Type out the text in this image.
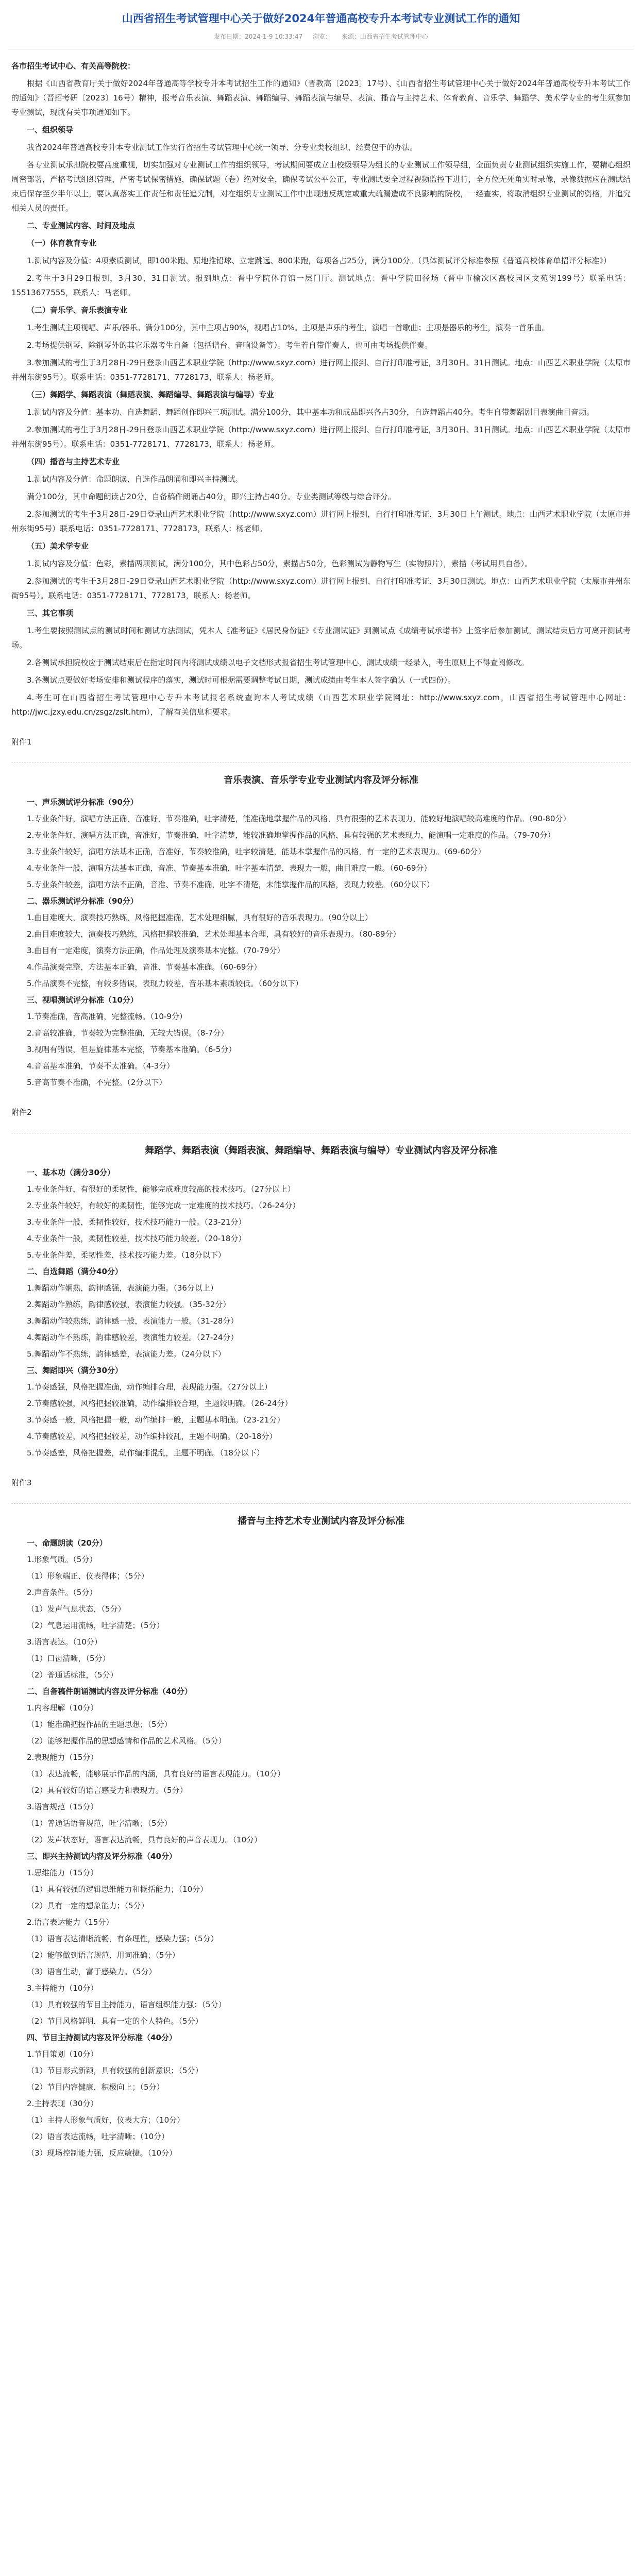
山西省招生考试管理中心关于做好2024年普通高校专升本考试专业测试工作的通知
发布日期：2024-1-9 10:33:47 浏览： 来源：山西省招生考试管理中心

各市招生考试中心、有关高等院校：

根据《山西省教育厅关于做好2024年普通高等学校专升本考试招生工作的通知》（晋教高〔2023〕17号）、《山西省招生考试管理中心关于做好2024年普通高校专升本考试工作的通知》（晋招考研〔2023〕16号）精神，报考音乐表演、舞蹈表演、舞蹈编导、舞蹈表演与编导、表演、播音与主持艺术、体育教育、音乐学、舞蹈学、美术学专业的考生须参加专业测试，现就有关事项通知如下。

一、组织领导

我省2024年普通高校专升本专业测试工作实行省招生考试管理中心统一领导、分专业类校组织、经费包干的办法。

各专业测试承担院校要高度重视，切实加强对专业测试工作的组织领导，考试期间要成立由校级领导为组长的专业测试工作领导组，全面负责专业测试组织实施工作，要精心组织周密部署，严格考试组织管理，严密考试保密措施，确保试题（卷）绝对安全，确保考试公平公正，专业测试要全过程视频监控下进行，全方位无死角实时录像，录像数据应在测试结束后保存至少半年以上，要认真落实工作责任和责任追究制，对在组织专业测试工作中出现违反规定或重大疏漏造成不良影响的院校，一经查实，将取消组织专业测试的资格，并追究相关人员的责任。

二、专业测试内容、时间及地点

（一）体育教育专业

1.测试内容及分值：4项素质测试，即100米跑、原地推铅球、立定跳远、800米跑，每项各占25分，满分100分。（具体测试评分标准参照《普通高校体育单招评分标准》）

2.考生于3月29日报到，3月30、31日测试。报到地点：晋中学院体育馆一层门厅。测试地点：晋中学院田径场（晋中市榆次区高校园区文苑街199号）联系电话：15513677555，联系人：马老师。

（二）音乐学、音乐表演专业

1.考生测试主项视唱、声乐/器乐。满分100分，其中主项占90%，视唱占10%。主项是声乐的考生，演唱一首歌曲；主项是器乐的考生，演奏一首乐曲。

2.考场提供钢琴，除钢琴外的其它乐器考生自备（包括谱台、音响设备等）。考生若自带伴奏人，也可由考场提供伴奏。

3.参加测试的考生于3月28日-29日登录山西艺术职业学院（http://www.sxyz.com）进行网上报到、自行打印准考证，3月30日、31日测试。地点：山西艺术职业学院（太原市并州东街95号）。联系电话：0351-7728171、7728173，联系人：杨老师。

（三）舞蹈学、舞蹈表演（舞蹈表演、舞蹈编导、舞蹈表演与编导）专业

1.测试内容及分值：基本功、自选舞蹈、舞蹈创作即兴三项测试。满分100分，其中基本功和成品即兴各占30分，自选舞蹈占40分。考生自带舞蹈剧目表演曲目音频。

2.参加测试的考生于3月28日-29日登录山西艺术职业学院（http://www.sxyz.com）进行网上报到、自行打印准考证，3月30日、31日测试。地点：山西艺术职业学院（太原市并州东街95号）。联系电话：0351-7728171、7728173，联系人：杨老师。

（四）播音与主持艺术专业

1.测试内容及分值：命题朗读、自选作品朗诵和即兴主持测试。

满分100分，其中命题朗读占20分，自备稿件朗诵占40分，即兴主持占40分。专业类测试等级与综合评分。

2.参加测试的考生于3月28日-29日登录山西艺术职业学院（http://www.sxyz.com）进行网上报到，自行打印准考证，3月30日上午测试。地点：山西艺术职业学院（太原市并州东街95号）联系电话：0351-7728171、7728173，联系人：杨老师。

（五）美术学专业

1.测试内容及分值：色彩，素描两项测试，满分100分，其中色彩占50分，素描占50分，色彩测试为静物写生（实物照片），素描（考试用具自备）。

2.参加测试的考生于3月28日-29日登录山西艺术职业学院（http://www.sxyz.com）进行网上报到、自行打印准考证，3月30日测试。地点：山西艺术职业学院（太原市并州东街95号）。联系电话：0351-7728171、7728173，联系人：杨老师。

三、其它事项

1.考生要按照测试点的测试时间和测试方法测试，凭本人《准考证》《居民身份证》《专业测试证》到测试点《成绩考试承诺书》上签字后参加测试，测试结束后方可离开测试考场。

2.各测试承担院校应于测试结束后在指定时间内将测试成绩以电子文档形式报省招生考试管理中心，测试成绩一经录入，考生原则上不得查阅修改。

3.各测试点要做好考场安排和测试程序的落实，测试时可根据需要调整考试日期，测试成绩由考生本人签字确认（一式四份）。

4.考生可在山西省招生考试管理中心专升本考试报名系统查询本人考试成绩（山西艺术职业学院网址：http://www.sxyz.com，山西省招生考试管理中心网址：http://jwc.jzxy.edu.cn/zsgz/zslt.htm），了解有关信息和要求。

附件1

音乐表演、音乐学专业专业测试内容及评分标准

一、声乐测试评分标准（90分）

1.专业条件好，演唱方法正确，音准好，节奏准确，吐字清楚，能准确地掌握作品的风格，具有很强的艺术表现力，能较好地演唱较高难度的作品。（90-80分）

2.专业条件好，演唱方法正确，音准好，节奏准确，吐字清楚，能较准确地掌握作品的风格，具有较强的艺术表现力，能演唱一定难度的作品。（79-70分）

3.专业条件较好，演唱方法基本正确，音准好，节奏较准确，吐字较清楚，能基本掌握作品的风格，有一定的艺术表现力。（69-60分）

4.专业条件一般，演唱方法基本正确，音准、节奏基本准确，吐字基本清楚，表现力一般，曲目难度一般。（60-69分）

5.专业条件较差，演唱方法不正确，音准、节奏不准确，吐字不清楚，未能掌握作品的风格，表现力较差。（60分以下）

二、器乐测试评分标准（90分）

1.曲目难度大，演奏技巧熟练，风格把握准确，艺术处理细腻，具有很好的音乐表现力。（90分以上）

2.曲目难度较大，演奏技巧熟练，风格把握较准确，艺术处理基本合理，具有较好的音乐表现力。（80-89分）

3.曲目有一定难度，演奏方法正确，作品处理及演奏基本完整。（70-79分）

4.作品演奏完整，方法基本正确，音准、节奏基本准确。（60-69分）

5.作品演奏不完整，有较多错误，表现力较差，音乐基本素质较低。（60分以下）

三、视唱测试评分标准（10分）

1.节奏准确，音高准确，完整流畅。（10-9分）

2.音高较准确，节奏较为完整准确，无较大错误。（8-7分）

3.视唱有错误，但是旋律基本完整，节奏基本准确。（6-5分）

4.音高基本准确，节奏不太准确。（4-3分）

5.音高节奏不准确，不完整。（2分以下）

附件2

舞蹈学、舞蹈表演（舞蹈表演、舞蹈编导、舞蹈表演与编导）专业测试内容及评分标准

一、基本功（满分30分）

1.专业条件好，有很好的柔韧性，能够完成难度较高的技术技巧。（27分以上）

2.专业条件较好，有较好的柔韧性，能够完成一定难度的技术技巧。（26-24分）

3.专业条件一般，柔韧性较好，技术技巧能力一般。（23-21分）

4.专业条件一般，柔韧性较差，技术技巧能力较差。（20-18分）

5.专业条件差，柔韧性差，技术技巧能力差。（18分以下）

二、自选舞蹈（满分40分）

1.舞蹈动作娴熟，韵律感强，表演能力强。（36分以上）

2.舞蹈动作熟练，韵律感较强，表演能力较强。（35-32分）

3.舞蹈动作较熟练，韵律感一般，表演能力一般。（31-28分）

4.舞蹈动作不熟练，韵律感较差，表演能力较差。（27-24分）

5.舞蹈动作不熟练，韵律感差，表演能力差。（24分以下）

三、舞蹈即兴（满分30分）

1.节奏感强，风格把握准确，动作编排合理，表现能力强。（27分以上）

2.节奏感较强，风格把握较准确，动作编排较合理，主题较明确。（26-24分）

3.节奏感一般，风格把握一般，动作编排一般，主题基本明确。（23-21分）

4.节奏感较差，风格把握较差，动作编排较乱，主题不明确。（20-18分）

5.节奏感差，风格把握差，动作编排混乱，主题不明确。（18分以下）

附件3

播音与主持艺术专业测试内容及评分标准

一、命题朗读（20分）

1.形象气质。（5分）

（1）形象端正、仪表得体；（5分）

2.声音条件。（5分）

（1）发声气息状态，（5分）

（2）气息运用流畅，吐字清楚；（5分）

3.语言表达。（10分）

（1）口齿清晰，（5分）

（2）普通话标准，（5分）

二、自备稿件朗诵测试内容及评分标准（40分）

1.内容理解（10分）

（1）能准确把握作品的主题思想；（5分）

（2）能够把握作品的思想感情和作品的艺术风格。（5分）

2.表现能力（15分）

（1）表达流畅，能够展示作品的内涵，具有良好的语言表现能力。（10分）

（2）具有较好的语言感受力和表现力。（5分）

3.语言规范（15分）

（1）普通话语音规范，吐字清晰；（5分）

（2）发声状态好，语言表达流畅，具有良好的声音表现力。（10分）

三、即兴主持测试内容及评分标准（40分）

1.思维能力（15分）

（1）具有较强的逻辑思维能力和概括能力；（10分）

（2）具有一定的想象能力；（5分）

2.语言表达能力（15分）

（1）语言表达清晰流畅，有条理性，感染力强；（5分）

（2）能够做到语言规范、用词准确；（5分）

（3）语言生动，富于感染力。（5分）

3.主持能力（10分）

（1）具有较强的节目主持能力，语言组织能力强；（5分）

（2）节目风格鲜明，具有一定的个人特色。（5分）

四、节目主持测试内容及评分标准（40分）

1.节目策划（10分）

（1）节目形式新颖，具有较强的创新意识；（5分）

（2）节目内容健康，积极向上；（5分）

2.主持表现（30分）

（1）主持人形象气质好，仪表大方；（10分）

（2）语言表达流畅，吐字清晰；（10分）

（3）现场控制能力强，反应敏捷。（10分）
